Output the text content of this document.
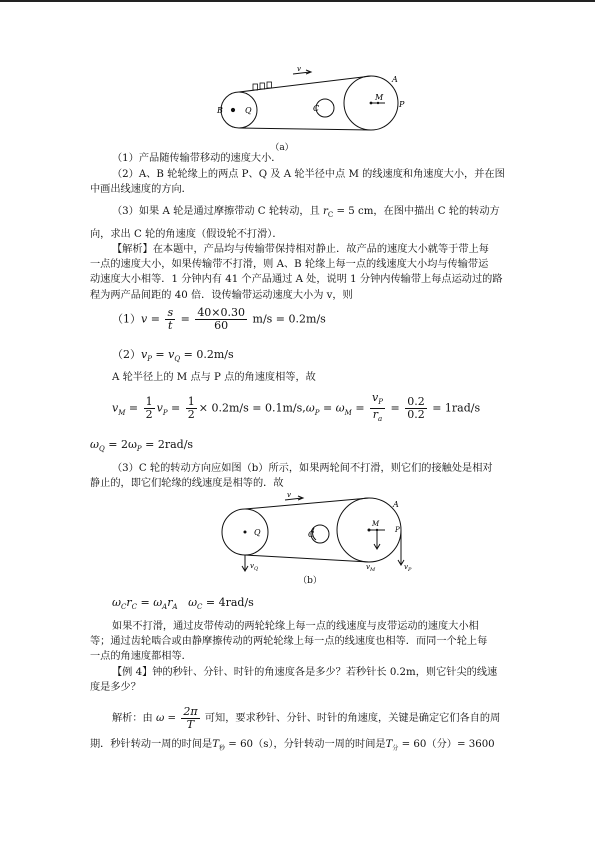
B	Q	C
M
P
A
v
（a）
（1）产品随传输带移动的速度大小．
（2）A、B 轮轮缘上的两点 P、Q 及 A 轮半径中点 M 的线速度和角速度大小，并在图
中画出线速度的方向．
（3）如果 A 轮是通过摩擦带动 C 轮转动，且 $r_C = 5$ cm，在图中描出 C 轮的转动方
向，求出 C 轮的角速度（假设轮不打滑）．
【解析】在本题中，产品均与传输带保持相对静止．故产品的速度大小就等于带上每
一点的速度大小，如果传输带不打滑，则 A、B 轮缘上每一点的线速度大小均与传输带运
动速度大小相等．1 分钟内有 41 个产品通过 A 处，说明 1 分钟内传输带上每点运动过的路
程为两产品间距的 40 倍．设传输带运动速度大小为 v，则
$(1)v = \frac{s}{t} = \frac{40\times 0.30}{60} m/s = 0.2m/s$
$(2)v_P = v_Q = 0.2m/s$
A 轮半径上的 M 点与 P 点的角速度相等，故
$v_M = \frac{1}{2} v_P = \frac{1}{2} \times 0.2m/s = 0.1m/s,\omega_P = \omega_M = \frac{v_P}{r_a} = \frac{0.2}{0.2} = 1rad/s$
$\omega_Q = 2\omega_P = 2rad/s$
（3）C 轮的转动方向应如图（b）所示，如果两轮间不打滑，则它们的接触处是相对
静止的，即它们轮缘的线速度是相等的．故
Q	C
M
P
A
v
$v_Q$	$v_M$	$v_P$
（b）
$\omega_Cr_C = \omega_Ar_A$ $\omega_C = 4rad/s$
如果不打滑，通过皮带传动的两轮轮缘上每一点的线速度与皮带运动的速度大小相
等；通过齿轮啮合或由静摩擦传动的两轮轮缘上每一点的线速度也相等．而同一个轮上每
一点的角速度都相等．
【例 4】钟的秒针、分针、时针的角速度各是多少？若秒针长 0.2m，则它针尖的线速
度是多少？
解析：由 $\omega = \frac{2\pi}{T}$ 可知，要求秒针、分针、时针的角速度，关键是确定它们各自的周
期．秒针转动一周的时间是$T_秒 = 60(s)$，分针转动一周的时间是$T_分 = 60$（分）= 3600
